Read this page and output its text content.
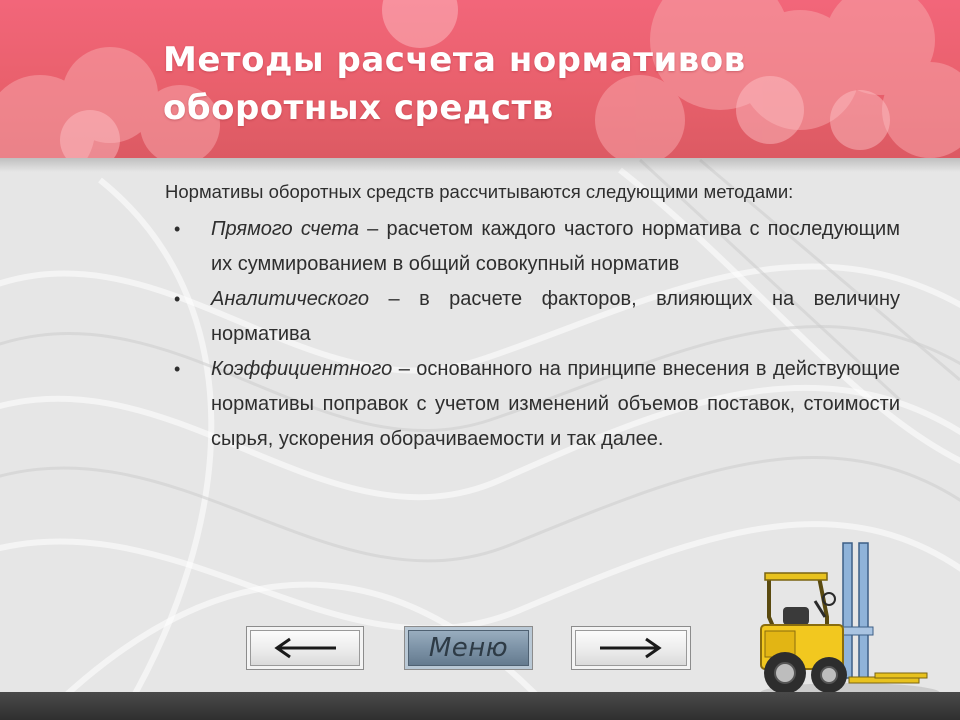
Методы расчета нормативов оборотных средств

Нормативы оборотных средств рассчитываются следующими методами:

• Прямого счета – расчетом каждого частого норматива с последующим их суммированием в общий совокупный норматив
• Аналитического – в расчете факторов, влияющих на величину норматива
• Коэффициентного – основанного на принципе внесения в действующие нормативы поправок с учетом изменений объемов поставок, стоимости сырья, ускорения оборачиваемости и так далее.
Меню
